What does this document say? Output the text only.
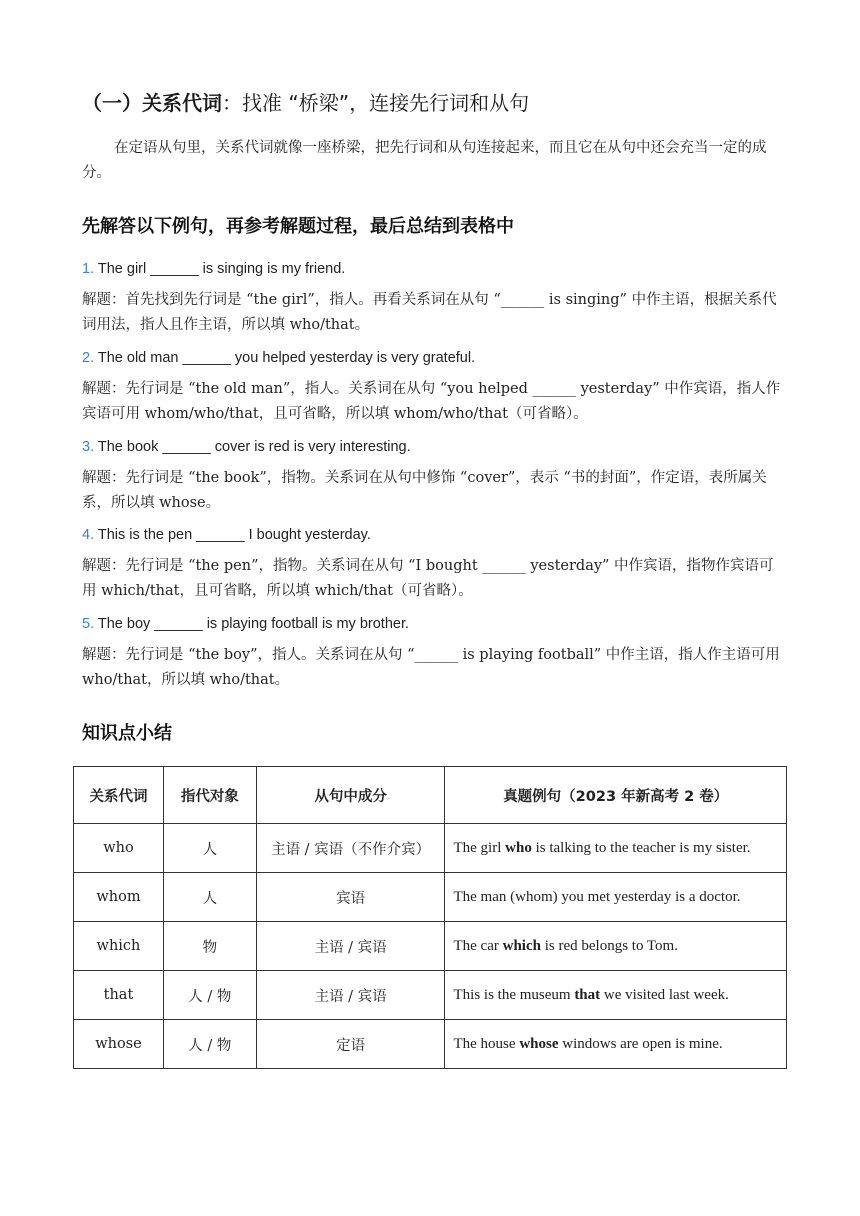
（一）关系代词：找准 “桥梁”，连接先行词和从句
在定语从句里，关系代词就像一座桥梁，把先行词和从句连接起来，而且它在从句中还会充当一定的成分。
先解答以下例句，再参考解题过程，最后总结到表格中
1. The girl ______ is singing is my friend.
解题：首先找到先行词是 “the girl”，指人。再看关系词在从句 “______ is singing” 中作主语，根据关系代词用法，指人且作主语，所以填 who/that。
2. The old man ______ you helped yesterday is very grateful.
解题：先行词是 “the old man”，指人。关系词在从句 “you helped ______ yesterday” 中作宾语，指人作宾语可用 whom/who/that，且可省略，所以填 whom/who/that（可省略）。
3. The book ______ cover is red is very interesting.
解题：先行词是 “the book”，指物。关系词在从句中修饰 “cover”，表示 “书的封面”，作定语，表所属关系，所以填 whose。
4. This is the pen ______ I bought yesterday.
解题：先行词是 “the pen”，指物。关系词在从句 “I bought ______ yesterday” 中作宾语，指物作宾语可用 which/that，且可省略，所以填 which/that（可省略）。
5. The boy ______ is playing football is my brother.
解题：先行词是 “the boy”，指人。关系词在从句 “______ is playing football” 中作主语，指人作主语可用 who/that，所以填 who/that。
知识点小结
关系代词	指代对象	从句中成分	真题例句（2023 年新高考 2 卷）
who	人	主语 / 宾语（不作介宾）	The girl who is talking to the teacher is my sister.
whom	人	宾语	The man (whom) you met yesterday is a doctor.
which	物	主语 / 宾语	The car which is red belongs to Tom.
that	人 / 物	主语 / 宾语	This is the museum that we visited last week.
whose	人 / 物	定语	The house whose windows are open is mine.
